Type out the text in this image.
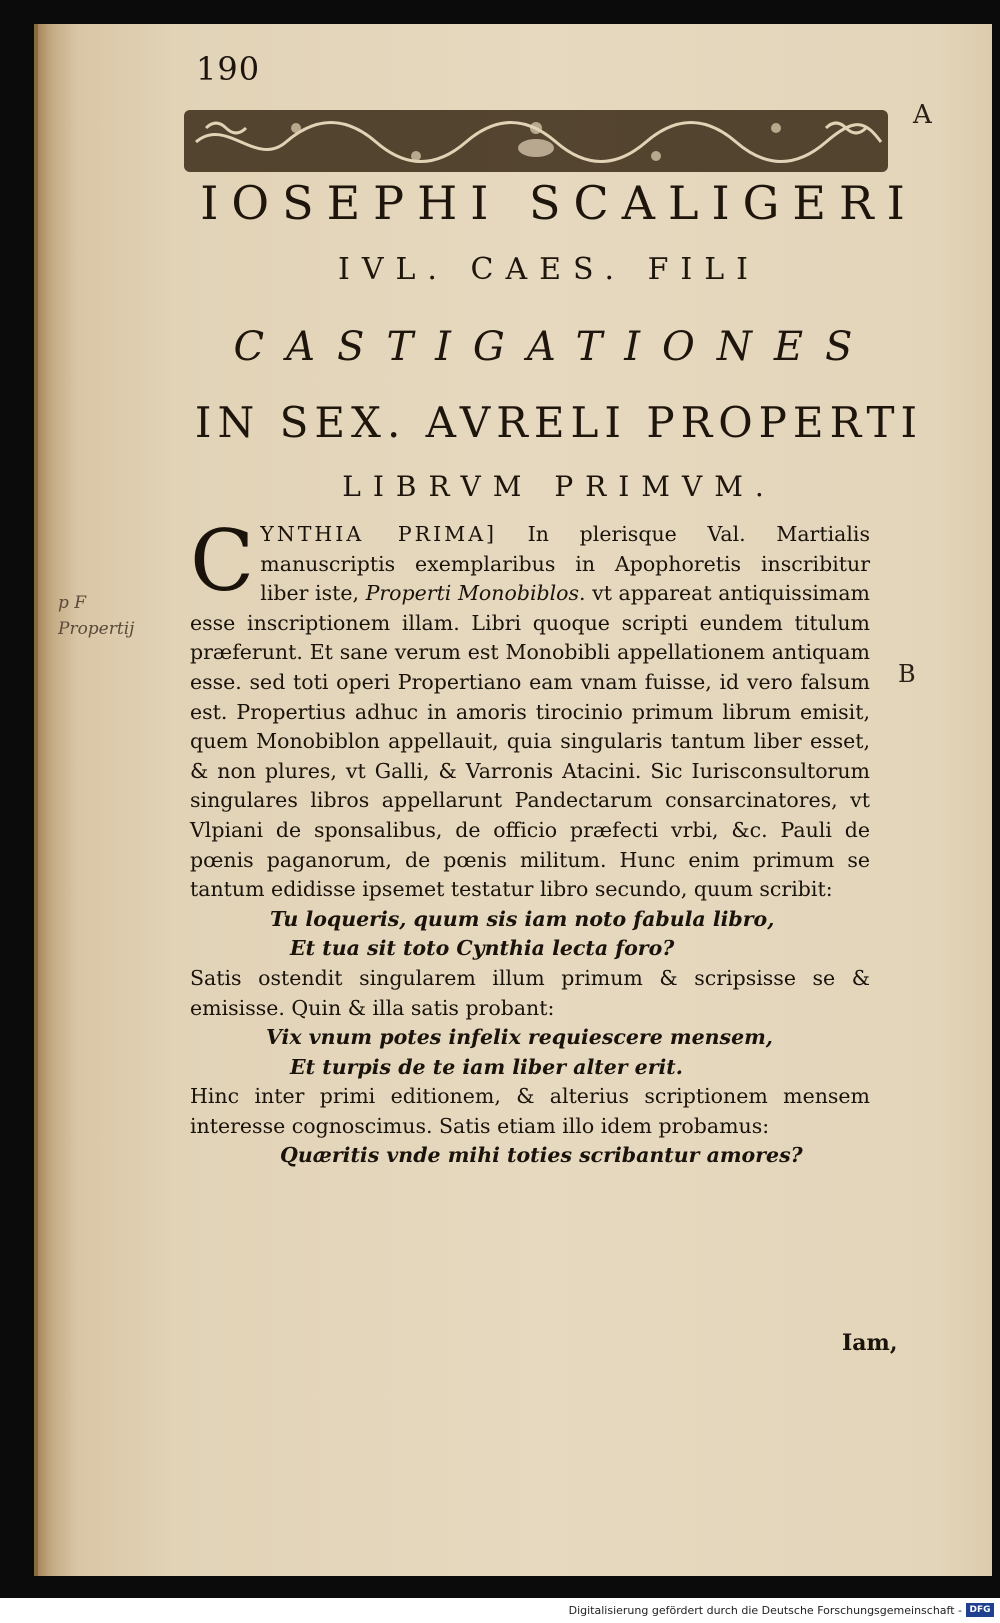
190
A
B
IOSEPHI SCALIGERI
IVL. CAES. FILI
CASTIGATIONES
IN SEX. AVRELI PROPERTI
LIBRVM PRIMVM.
p F
Propertij
CYNTHIA PRIMA] In plerisque Val. Martialis manuscriptis exemplaribus in Apophoretis inscribitur liber iste, Properti Monobiblos. vt appareat antiquissimam esse inscriptionem illam. Libri quoque scripti eundem titulum præferunt. Et sane verum est Monobibli appellationem antiquam esse. sed toti operi Propertiano eam vnam fuisse, id vero falsum est. Propertius adhuc in amoris tirocinio primum librum emisit, quem Monobiblon appellauit, quia singularis tantum liber esset, & non plures, vt Galli, & Varronis Atacini. Sic Iurisconsultorum singulares libros appellarunt Pandectarum consarcinatores, vt Vlpiani de sponsalibus, de officio præfecti vrbi, &c. Pauli de pœnis paganorum, de pœnis militum. Hunc enim primum se tantum edidisse ipsemet testatur libro secundo, quum scribit:
Tu loqueris, quum sis iam noto fabula libro,
Et tua sit toto Cynthia lecta foro?
Satis ostendit singularem illum primum & scripsisse se & emisisse. Quin & illa satis probant:
Vix vnum potes infelix requiescere mensem,
Et turpis de te iam liber alter erit.
Hinc inter primi editionem, & alterius scriptionem mensem interesse cognoscimus. Satis etiam illo idem probamus:
Quæritis vnde mihi toties scribantur amores?
Iam,
Digitalisierung gefördert durch die Deutsche Forschungsgemeinschaft - DFG
